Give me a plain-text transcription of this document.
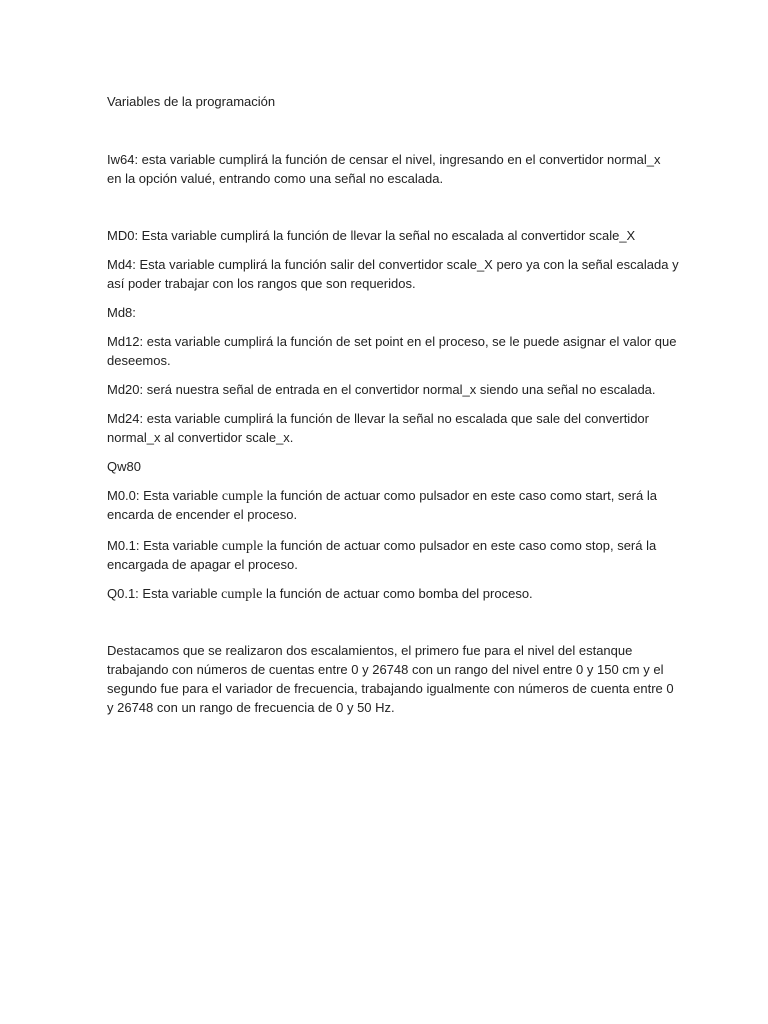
Variables de la programación
Iw64: esta variable cumplirá la función de censar el nivel, ingresando en el convertidor normal_x
en la opción valué, entrando como una señal no escalada.
MD0: Esta variable cumplirá la función de llevar la señal no escalada al convertidor scale_X
Md4: Esta variable cumplirá la función salir del convertidor scale_X pero ya con la señal escalada y
así poder trabajar con los rangos que son requeridos.
Md8:
Md12: esta variable cumplirá la función de set point en el proceso, se le puede asignar el valor que
deseemos.
Md20: será nuestra señal de entrada en el convertidor normal_x siendo una señal no escalada.
Md24: esta variable cumplirá la función de llevar la señal no escalada que sale del convertidor
normal_x al convertidor scale_x.
Qw80
M0.0: Esta variable cumple la función de actuar como pulsador en este caso como start, será la
encarda de encender el proceso.
M0.1: Esta variable cumple la función de actuar como pulsador en este caso como stop, será la
encargada de apagar el proceso.
Q0.1: Esta variable cumple la función de actuar como bomba del proceso.
Destacamos que se realizaron dos escalamientos, el primero fue para el nivel del estanque
trabajando con números de cuentas entre 0 y 26748 con un rango del nivel entre 0 y 150 cm y el
segundo fue para el variador de frecuencia, trabajando igualmente con números de cuenta entre 0
y 26748 con un rango de frecuencia de 0 y 50 Hz.
